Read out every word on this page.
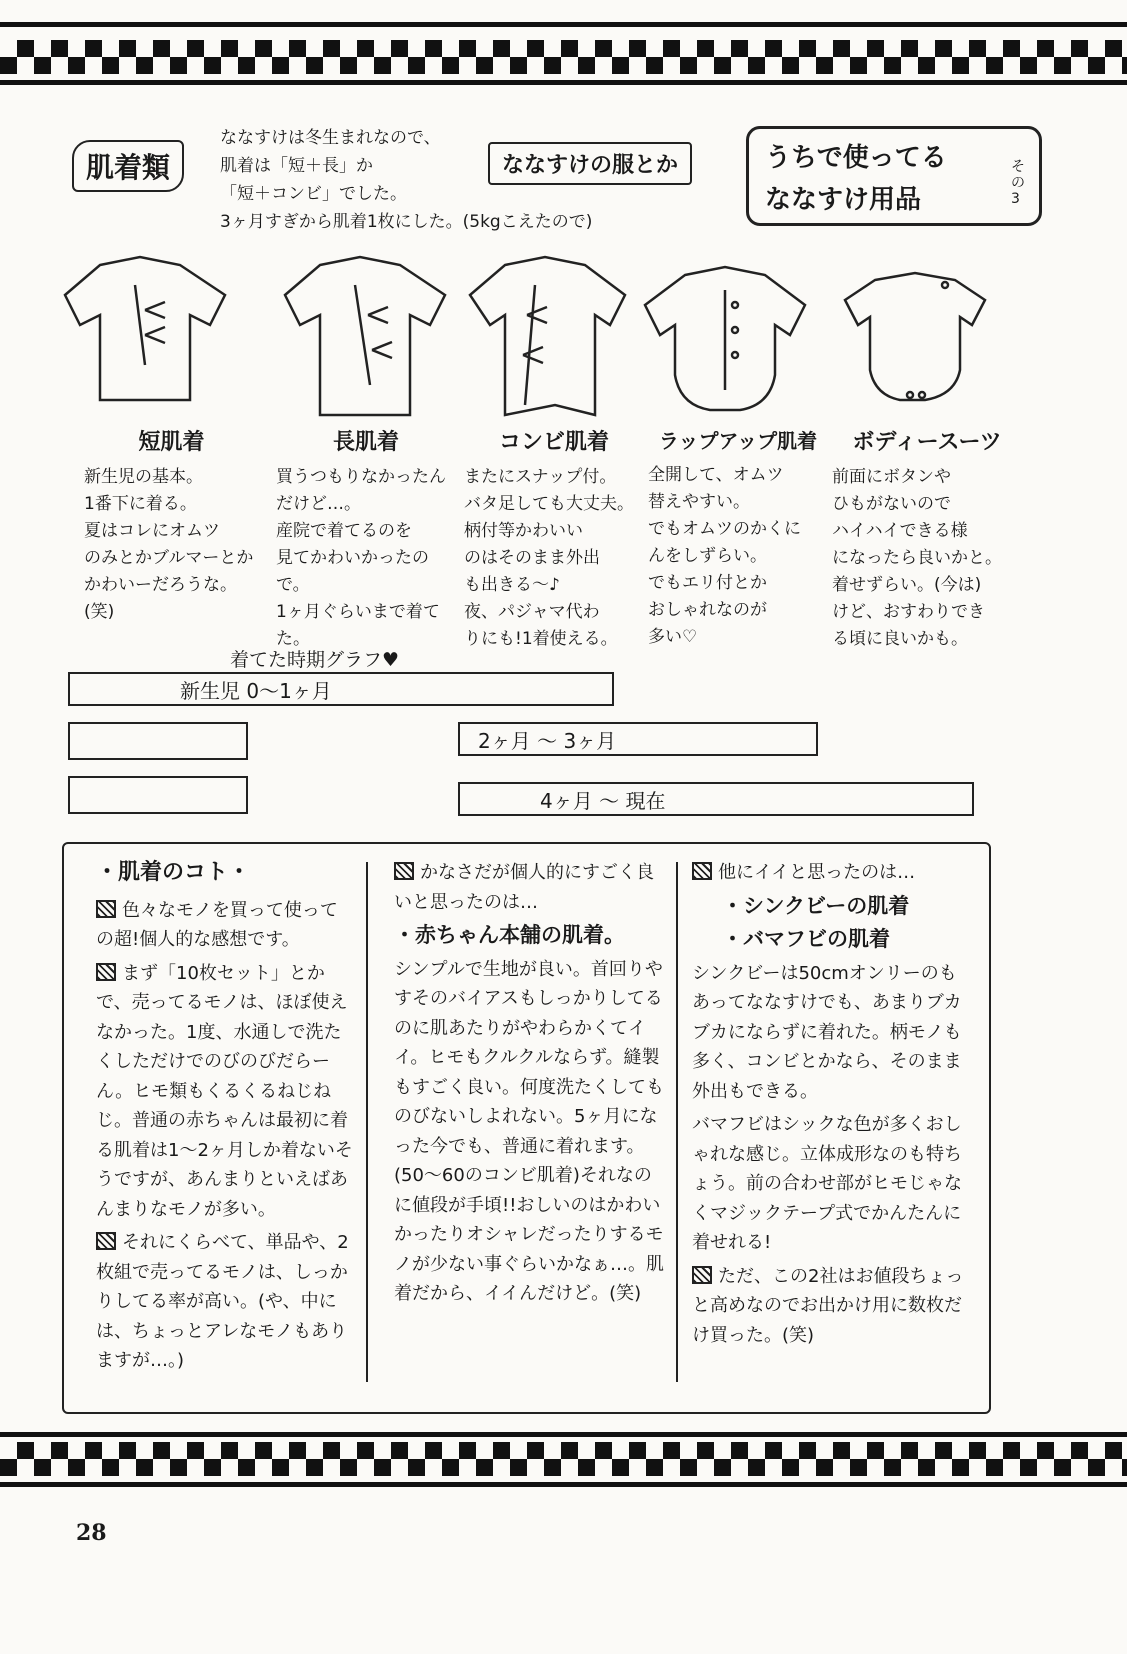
肌着類
ななすけは冬生まれなので、
肌着は「短＋長」か
「短＋コンビ」でした。
3ヶ月すぎから肌着1枚にした。(5kgこえたので)
ななすけの服とか	うちで使ってる
ななすけ用品
その3
短肌着
新生児の基本。
1番下に着る。
夏はコレにオムツ
のみとかブルマーとか
かわいーだろうな。(笑)
長肌着
買うつもりなかったん
だけど…。
産院で着てるのを
見てかわいかったので。
1ヶ月ぐらいまで着てた。
コンビ肌着
またにスナップ付。
バタ足しても大丈夫。
柄付等かわいい
のはそのまま外出
も出きる〜♪
夜、パジャマ代わ
りにも!1着使える。
ラップアップ肌着
全開して、オムツ
替えやすい。
でもオムツのかくに
んをしずらい。
でもエリ付とか
おしゃれなのが
多い♡
ボディースーツ
前面にボタンや
ひもがないので
ハイハイできる様
になったら良いかと。
着せずらい。(今は)
けど、おすわりでき
る頃に良いかも。
着てた時期グラフ♥
新生児 0〜1ヶ月
2ヶ月 〜 3ヶ月
4ヶ月 〜 現在

・肌着のコト・

色々なモノを買って使っての超!個人的な感想です。

まず「10枚セット」とかで、売ってるモノは、ほぼ使えなかった。1度、水通しで洗たくしただけでのびのびだらーん。ヒモ類もくるくるねじねじ。普通の赤ちゃんは最初に着る肌着は1〜2ヶ月しか着ないそうですが、あんまりといえばあんまりなモノが多い。

それにくらべて、単品や、2枚組で売ってるモノは、しっかりしてる率が高い。(や、中には、ちょっとアレなモノもありますが…。)

かなさだが個人的にすごく良いと思ったのは…

・赤ちゃん本舗の肌着。

シンプルで生地が良い。首回りやすそのバイアスもしっかりしてるのに肌あたりがやわらかくてイイ。ヒモもクルクルならず。縫製もすごく良い。何度洗たくしてものびないしよれない。5ヶ月になった今でも、普通に着れます。(50〜60のコンビ肌着)それなのに値段が手頃!!おしいのはかわいかったりオシャレだったりするモノが少ない事ぐらいかなぁ…。肌着だから、イイんだけど。(笑)

他にイイと思ったのは…

・シンクビーの肌着

・バマフビの肌着

シンクビーは50cmオンリーのもあってななすけでも、あまりブカブカにならずに着れた。柄モノも多く、コンビとかなら、そのまま外出もできる。

バマフビはシックな色が多くおしゃれな感じ。立体成形なのも特ちょう。前の合わせ部がヒモじゃなくマジックテープ式でかんたんに着せれる!

ただ、この2社はお値段ちょっと高めなのでお出かけ用に数枚だけ買った。(笑)

28
